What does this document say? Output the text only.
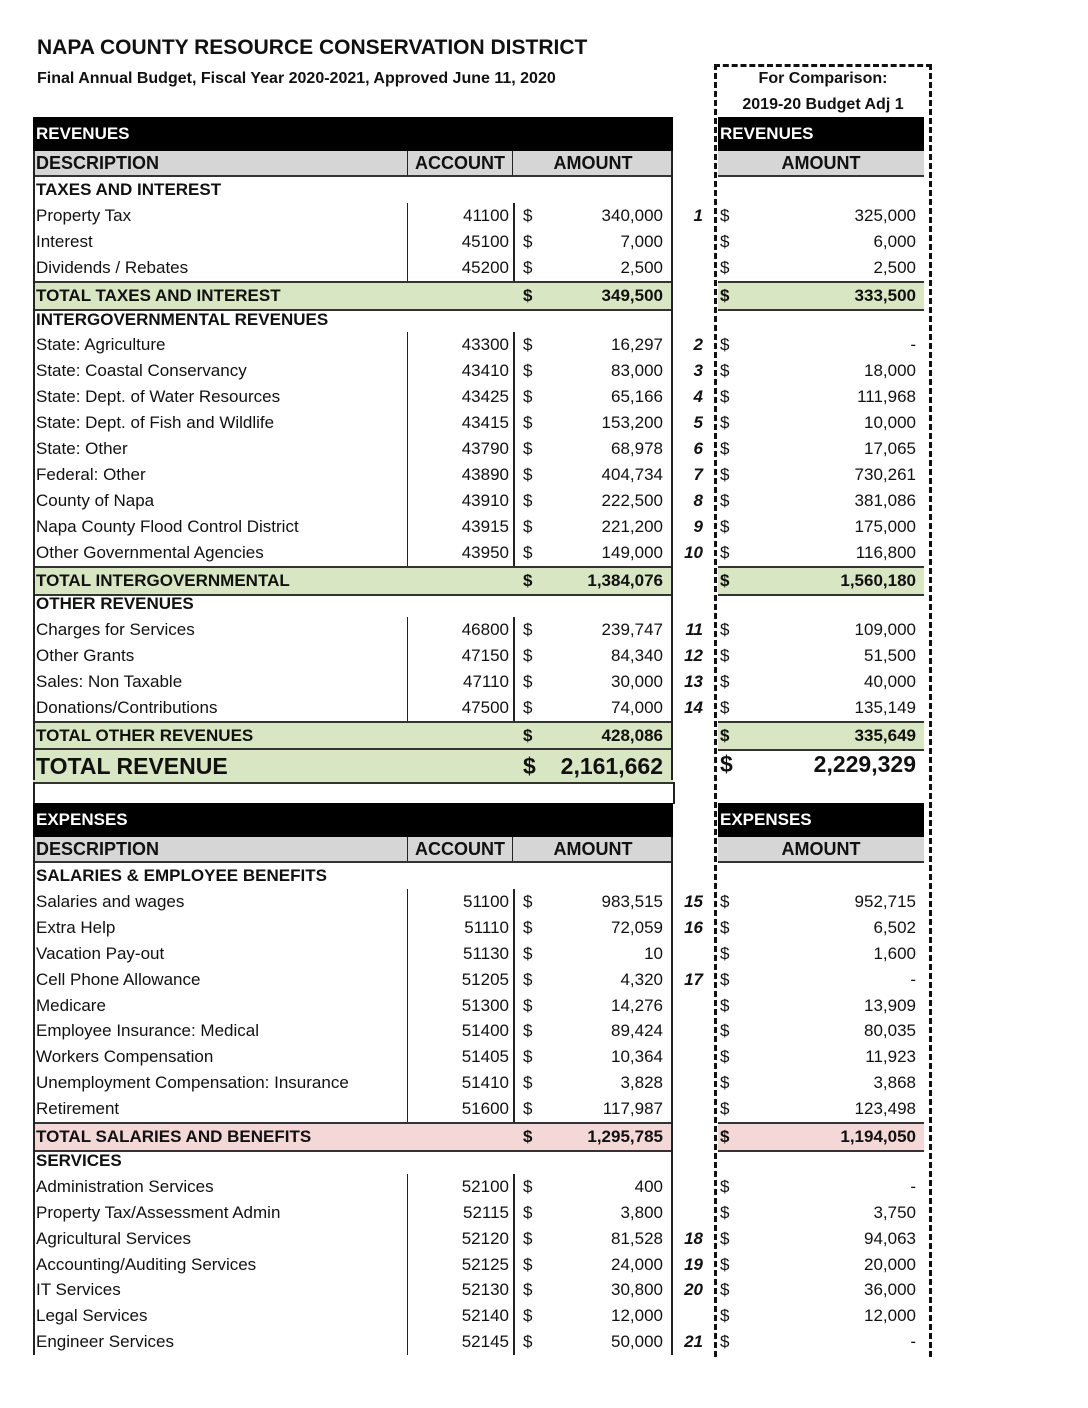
NAPA COUNTY RESOURCE CONSERVATION DISTRICT
Final Annual Budget, Fiscal Year 2020-2021, Approved June 11, 2020	For Comparison:
2019-20 Budget Adj 1
REVENUES	REVENUES
DESCRIPTION	ACCOUNT	AMOUNT	AMOUNT
TAXES AND INTEREST
Property Tax	41100 $	340,000	1 $	325,000
Interest	45100 $	7,000	$	6,000
Dividends / Rebates	45200 $	2,500	$	2,500
TOTAL TAXES AND INTEREST	$	349,500	$	333,500
INTERGOVERNMENTAL REVENUES
State: Agriculture	43300 $	16,297	2 $	-
State: Coastal Conservancy	43410 $	83,000	3 $	18,000
State: Dept. of Water Resources	43425 $	65,166	4 $	111,968
State: Dept. of Fish and Wildlife	43415 $	153,200	5 $	10,000
State: Other	43790 $	68,978	6 $	17,065
Federal: Other	43890 $	404,734	7 $	730,261
County of Napa	43910 $	222,500	8 $	381,086
Napa County Flood Control District	43915 $	221,200	9 $	175,000
Other Governmental Agencies	43950 $	149,000	10 $	116,800
TOTAL INTERGOVERNMENTAL	$	1,384,076	$	1,560,180
OTHER REVENUES
Charges for Services	46800 $	239,747	11 $	109,000
Other Grants	47150 $	84,340	12 $	51,500
Sales: Non Taxable	47110 $	30,000	13 $	40,000
Donations/Contributions	47500 $	74,000	14 $	135,149
TOTAL OTHER REVENUES	$	428,086	$	335,649
TOTAL REVENUE	$	2,161,662 $	2,229,329
EXPENSES	EXPENSES
DESCRIPTION	ACCOUNT	AMOUNT	AMOUNT
SALARIES & EMPLOYEE BENEFITS
Salaries and wages	51100 $	983,515	15 $	952,715
Extra Help	51110 $	72,059	16 $	6,502
Vacation Pay-out	51130 $	10	$	1,600
Cell Phone Allowance	51205 $	4,320	17 $	-
Medicare	51300 $	14,276	$	13,909
Employee Insurance: Medical	51400 $	89,424	$	80,035
Workers Compensation	51405 $	10,364	$	11,923
Unemployment Compensation: Insurance	51410 $	3,828	$	3,868
Retirement	51600 $	117,987	$	123,498
TOTAL SALARIES AND BENEFITS	$	1,295,785	$	1,194,050
SERVICES
Administration Services	52100 $	400	$	-
Property Tax/Assessment Admin	52115 $	3,800	$	3,750
Agricultural Services	52120 $	81,528	18 $	94,063
Accounting/Auditing Services	52125 $	24,000	19 $	20,000
IT Services	52130 $	30,800	20 $	36,000
Legal Services	52140 $	12,000	$	12,000
Engineer Services	52145 $	50,000	21 $	-
